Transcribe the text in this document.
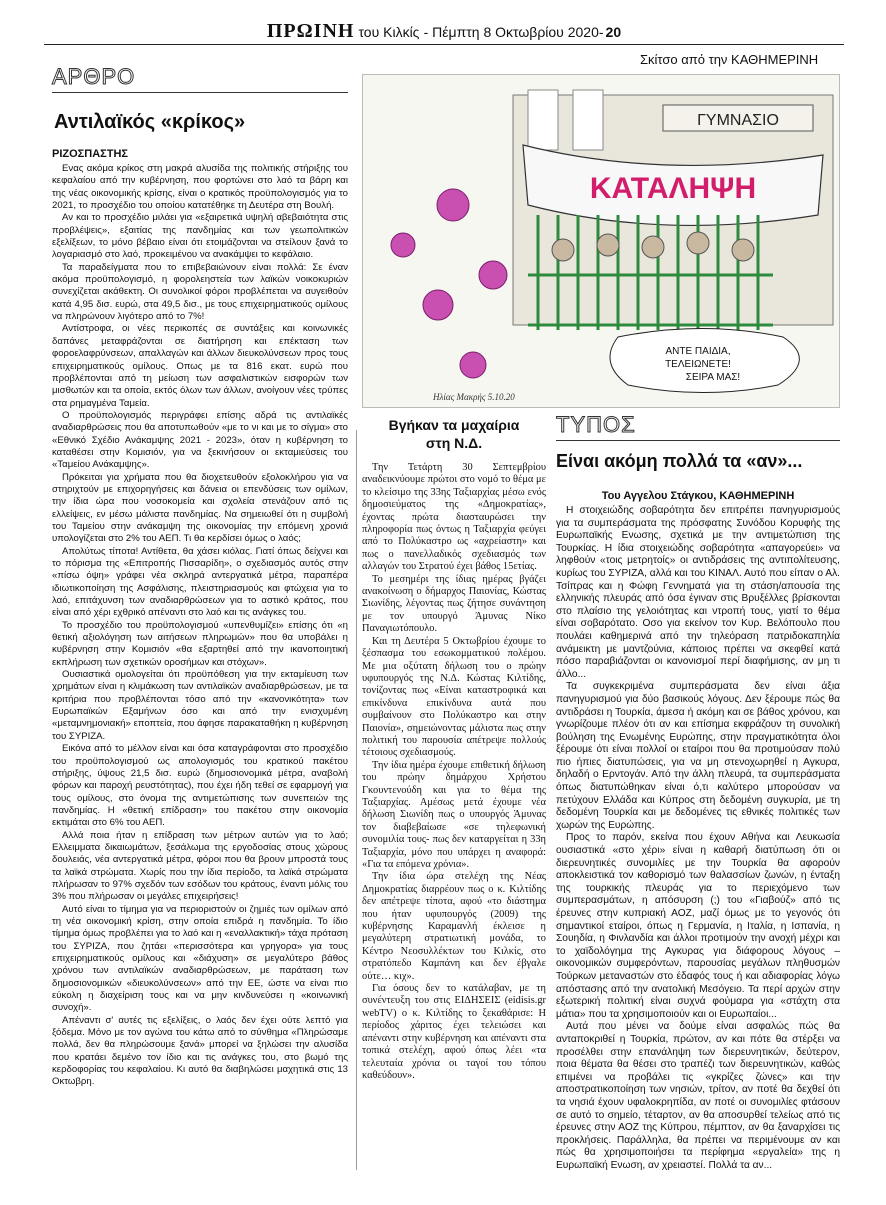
ΠΡΩΙΝΗ του Κιλκίς
- Πέμπτη 8 Οκτωβρίου 2020- 20
ΑΡΘΡΟ
Αντιλαϊκός «κρίκος»
ΡΙΖΟΣΠΑΣΤΗΣ

Ενας ακόμα κρίκος στη μακρά αλυσίδα της πολιτικής στήριξης του κεφαλαίου από την κυβέρνηση, που φορτώνει στο λαό τα βάρη και της νέας οικονομικής κρίσης, είναι ο κρατικός προϋπολογισμός για το 2021, το προσχέδιο του οποίου κατατέθηκε τη Δευτέρα στη Βουλή.

Αν και το προσχέδιο μιλάει για «εξαιρετικά υψηλή αβεβαιότητα στις προβλέψεις», εξαιτίας της πανδημίας και των γεωπολιτικών εξελίξεων, το μόνο βέβαιο είναι ότι ετοιμάζονται να στείλουν ξανά το λογαριασμό στο λαό, προκειμένου να ανακάμψει το κεφάλαιο.

Τα παραδείγματα που το επιβεβαιώνουν είναι πολλά: Σε έναν ακόμα προϋπολογισμό, η φορολεηστεία των λαϊκών νοικοκυριών συνεχίζεται ακάθεκτη. Οι συνολικοί φόροι προβλέπεται να αυγειθούν κατά 4,95 δισ. ευρώ, στα 49,5 δισ., με τους επιχειρηματικούς ομίλους να πληρώνουν λιγότερο από το 7%!

Αντίστροφα, οι νέες περικοπές σε συντάξεις και κοινωνικές δαπάνες μεταφράζονται σε διατήρηση και επέκταση των φοροελαφρύνσεων, απαλλαγών και άλλων διευκολύνσεων προς τους επιχειρηματικούς ομίλους. Οπως με τα 816 εκατ. ευρώ που προβλέπονται από τη μείωση των ασφαλιστικών εισφορών των μισθωτών και τα οποία, εκτός όλων των άλλων, ανοίγουν νέες τρύπες στα ρημαγμένα Ταμεία.

Ο προϋπολογισμός περιγράφει επίσης αδρά τις αντιλαϊκές αναδιαρθρώσεις που θα αποτυπωθούν «με το νι και με το σίγμα» στο «Εθνικό Σχέδιο Ανάκαμψης 2021 - 2023», όταν η κυβέρνηση το καταθέσει στην Κομισιόν, για να ξεκινήσουν οι εκταμιεύσεις του «Ταμείου Ανάκαμψης».

Πρόκειται για χρήματα που θα διοχετευθούν εξολοκλήρου για να στηριχτούν με επιχορηγήσεις και δάνεια οι επενδύσεις των ομίλων, την ίδια ώρα που νοσοκομεία και σχολεία στενάζουν από τις ελλείψεις, εν μέσω μάλιστα πανδημίας. Να σημειωθεί ότι η συμβολή του Ταμείου στην ανάκαμψη της οικονομίας την επόμενη χρονιά υπολογίζεται στο 2% του ΑΕΠ. Τι θα κερδίσει όμως ο λαός;

Απολύτως τίποτα! Αντίθετα, θα χάσει κιόλας. Γιατί όπως δείχνει και το πόρισμα της «Επιτροπής Πισσαρίδη», ο σχεδιασμός αυτός στην «πίσω όψη» γράφει νέα σκληρά αντεργατικά μέτρα, παραπέρα ιδιωτικοποίηση της Ασφάλισης, πλειστηριασμούς και φτώχεια για το λαό, επιτάχυνση των αναδιαρθρώσεων για το αστικό κράτος, που είναι από χέρι εχθρικό απέναντι στο λαό και τις ανάγκες του.

Το προσχέδιο του προϋπολογισμού «υπενθυμίζει» επίσης ότι «η θετική αξιολόγηση των αιτήσεων πληρωμών» που θα υποβάλει η κυβέρνηση στην Κομισιόν «θα εξαρτηθεί από την ικανοποιητική εκπλήρωση των σχετικών οροσήμων και στόχων».

Ουσιαστικά ομολογείται ότι προϋπόθεση για την εκταμίευση των χρημάτων είναι η κλιμάκωση των αντιλαϊκών αναδιαρθρώσεων, με τα κριτήρια που προβλέπονται τόσο από την «κανονικότητα» των Ευρωπαϊκών Εξαμήνων όσο και από την ενισχυμένη «μεταμνημονιακή» εποπτεία, που άφησε παρακαταθήκη η κυβέρνηση του ΣΥΡΙΖΑ.

Εικόνα από το μέλλον είναι και όσα καταγράφονται στο προσχέδιο του προϋπολογισμού ως απολογισμός του κρατικού πακέτου στήριξης, ύψους 21,5 δισ. ευρώ (δημοσιονομικά μέτρα, αναβολή φόρων και παροχή ρευστότητας), που έχει ήδη τεθεί σε εφαρμογή για τους ομίλους, στο όνομα της αντιμετώπισης των συνεπειών της πανδημίας. Η «θετική επίδραση» του πακέτου στην οικονομία εκτιμάται στο 6% του ΑΕΠ.

Αλλά ποια ήταν η επίδραση των μέτρων αυτών για το λαό; Ελλειμματα δικαιωμάτων, ξεσάλωμα της εργοδοσίας στους χώρους δουλειάς, νέα αντεργατικά μέτρα, φόροι που θα βρουν μπροστά τους τα λαϊκά στρώματα. Χωρίς που την ίδια περίοδο, τα λαϊκά στρώματα πλήρωσαν το 97% σχεδόν των εσόδων του κράτους, έναντι μόλις του 3% που πλήρωσαν οι μεγάλες επιχειρήσεις!

Αυτό είναι το τίμημα για να περιοριστούν οι ζημιές των ομίλων από τη νέα οικονομική κρίση, στην οποία επιδρά η πανδημία. Το ίδιο τίμημα όμως προβλέπει για το λαό και η «εναλλακτική» τάχα πρόταση του ΣΥΡΙΖΑ, που ζητάει «περισσότερα και γρηγορα» για τους επιχειρηματικούς ομίλους και «διάχυση» σε μεγαλύτερο βάθος χρόνου των αντιλαϊκών αναδιαρθρώσεων, με παράταση των δημοσιονομικών «διευκολύνσεων» από την ΕΕ, ώστε να είναι πιο εύκολη η διαχείριση τους και να μην κινδυνεύσει η «κοινωνική συνοχή».

Απέναντι σ' αυτές τις εξελίξεις, ο λαός δεν έχει ούτε λεπτό για ξόδεμα. Μόνο με τον αγώνα του κάτω από το σύνθημα «Πληρώσαμε πολλά, δεν θα πληρώσουμε ξανά» μπορεί να ξηλώσει την αλυσίδα που κρατάει δεμένο τον ίδιο και τις ανάγκες του, στο βωμό της κερδοφορίας του κεφαλαίου. Κι αυτό θα διαβηλώσει μαχητικά στις 13 Οκτωβρη.

Σκίτσο από την ΚΑΘΗΜΕΡΙΝΗ
ΓΥΜΝΑΣΙΟ
ΚΑΤΑΛΗΨΗ
ΑΝΤΕ ΠΑΙΔΙΑ,
ΤΕΛΕΙΩΝΕΤΕ!
ΣΕΙΡΑ ΜΑΣ!
Ηλίας Μακρής 5.10.20
Βγήκαν τα μαχαίρια
στη Ν.Δ.

Την Τετάρτη 30 Σεπτεμβρίου αναδεικνύουμε πρώτοι στο νομό το θέμα με το κλείσιμο της 33ης Ταξιαρχίας μέσω ενός δημοσιεύματος της «Δημοκρατίας», έχοντας πρώτα διασταυρώσει την πληροφορία πως όντως η Ταξιαρχία φεύγει από το Πολύκαστρο ως «αχρείαστη» και πως ο πανελλαδικός σχεδιασμός των αλλαγών του Στρατού έχει βάθος 15ετίας.

Το μεσημέρι της ίδιας ημέρας βγάζει ανακοίνωση ο δήμαρχος Παιονίας, Κώστας Σιωνίδης, λέγοντας πως ζήτησε συνάντηση με τον υπουργό Άμυνας Νίκο Παναγιωτόπουλο.

Και τη Δευτέρα 5 Οκτωβρίου έχουμε το ξέσπασμα του εσωκομματικού πολέμου. Με μια οξύτατη δήλωση του ο πρώην υφυπουργός της Ν.Δ. Κώστας Κιλτίδης, τονίζοντας πως «Είναι καταστροφικά και επικίνδυνα επικίνδυνα αυτά που συμβαίνουν στο Πολύκαστρο και στην Παιονία», σημειώνοντας μάλιστα πως στην πολιτική του παρουσία απέτρεψε πολλούς τέτοιους σχεδιασμούς.

Την ίδια ημέρα έχουμε επιθετική δήλωση του πρώην δημάρχου Χρήστου Γκουντενούδη και για το θέμα της Ταξιαρχίας. Αμέσως μετά έχουμε νέα δήλωση Σιωνίδη πως ο υπουργός Άμυνας τον διαβεβαίωσε «σε τηλεφωνική συνομιλία τους- πως δεν καταργείται η 33η Ταξιαρχία, μόνο που υπάρχει η αναφορά: «Για τα επόμενα χρόνια».

Την ίδια ώρα στελέχη της Νέας Δημοκρατίας διαρρέουν πως ο κ. Κιλτίδης δεν απέτρεψε τίποτα, αφού «το διάστημα που ήταν υφυπουργός (2009) της κυβέρνησης Καραμανλή έκλεισε η μεγαλύτερη στρατιωτική μονάδα, το Κέντρο Νεοσυλλέκτων του Κιλκίς, στο στρατόπεδο Καμπάνη και δεν έβγαλε ούτε… κιχ».

Για όσους δεν το κατάλαβαν, με τη συνέντευξη του στις ΕΙΔΗΣΕΙΣ (eidisis.gr webTV) ο κ. Κιλτίδης το ξεκαθάρισε: Η περίοδος χάριτος έχει τελειώσει και απέναντι στην κυβέρνηση και απέναντι στα τοπικά στελέχη, αφού όπως λέει «τα τελευταία χρόνια οι ταγοί του τόπου καθεύδουν».

ΤΥΠΟΣ
Είναι ακόμη πολλά τα «αν»...
Του Αγγελου Στάγκου, ΚΑΘΗΜΕΡΙΝΗ

Η στοιχειώδης σοβαρότητα δεν επιτρέπει πανηγυρισμούς για τα συμπεράσματα της πρόσφατης Συνόδου Κορυφής της Ευρωπαϊκής Ενωσης, σχετικά με την αντιμετώπιση της Τουρκίας. Η ίδια στοιχειώδης σοβαρότητα «απαγορεύει» να ληφθούν «τοις μετρητοίς» οι αντιδράσεις της αντιπολίτευσης, κυρίως του ΣΥΡΙΖΑ, αλλά και του ΚΙΝΑΛ. Αυτό που είπαν ο Αλ. Τσίπρας και η Φώφη Γεννηματά για τη στάση/απουσία της ελληνικής πλευράς από όσα έγιναν στις Βρυξέλλες βρίσκονται στο πλαίσιο της γελοιότητας και ντροπή τους, γιατί το θέμα είναι σοβαρότατο. Οσο για εκείνον τον Κυρ. Βελόπουλο που πουλάει καθημερινά από την τηλεόραση πατριδοκαπηλία ανάμεικτη με μαντζούνια, κάποιος πρέπει να σκεφθεί κατά πόσο παραβιάζονται οι κανονισμοί περί διαφήμισης, αν μη τι άλλο...

Τα συγκεκριμένα συμπεράσματα δεν είναι άξια πανηγυρισμού για δύο βασικούς λόγους. Δεν ξέρουμε πώς θα αντιδράσει η Τουρκία, άμεσα ή ακόμη και σε βάθος χρόνου, και γνωρίζουμε πλέον ότι αν και επίσημα εκφράζουν τη συνολική βούληση της Ενωμένης Ευρώπης, στην πραγματικότητα όλοι ξέρουμε ότι είναι πολλοί οι εταίροι που θα προτιμούσαν πολύ πιο ήπιες διατυπώσεις, για να μη στενοχωρηθεί η Αγκυρα, δηλαδή ο Ερντογάν. Από την άλλη πλευρά, τα συμπεράσματα όπως διατυπώθηκαν είναι ό,τι καλύτερο μπορούσαν να πετύχουν Ελλάδα και Κύπρος στη δεδομένη συγκυρία, με τη δεδομένη Τουρκία και με δεδομένες τις εθνικές πολιτικές των χωρών της Ευρώπης.

Προς το παρόν, εκείνα που έχουν Αθήνα και Λευκωσία ουσιαστικά «στο χέρι» είναι η καθαρή διατύπωση ότι οι διερευνητικές συνομιλίες με την Τουρκία θα αφορούν αποκλειστικά τον καθορισμό των θαλασσίων ζωνών, η ένταξη της τουρκικής πλευράς για το περιεχόμενο των συμπερασμάτων, η απόσυρση (;) του «Γιαβούζ» από τις έρευνες στην κυπριακή ΑΟΖ, μαζί όμως με το γεγονός ότι σημαντικοί εταίροι, όπως η Γερμανία, η Ιταλία, η Ισπανία, η Σουηδία, η Φινλανδία και άλλοι προτιμούν την ανοχή μέχρι και το χαϊδολόγημα της Αγκυρας για διάφορους λόγους – οικονομικών συμφερόντων, παρουσίας μεγάλων πληθυσμών Τούρκων μεταναστών στο έδαφός τους ή και αδιαφορίας λόγω απόστασης από την ανατολική Μεσόγειο. Τα περί αρχών στην εξωτερική πολιτική είναι συχνά φούμαρα για «στάχτη στα μάτια» που τα χρησιμοποιούν και οι Ευρωπαίοι...

Αυτά που μένει να δούμε είναι ασφαλώς πώς θα ανταποκριθεί η Τουρκία, πρώτον, αν και πότε θα στέρξει να προσέλθει στην επανάληψη των διερευνητικών, δεύτερον, ποια θέματα θα θέσει στο τραπέζι των διερευνητικών, καθώς επιμένει να προβάλει τις «γκρίζες ζώνες» και την αποστρατικοποίηση των νησιών, τρίτον, αν ποτέ θα δεχθεί ότι τα νησιά έχουν υφαλοκρηπίδα, αν ποτέ οι συνομιλίες φτάσουν σε αυτό το σημείο, τέταρτον, αν θα αποσυρθεί τελείως από τις έρευνες στην ΑΟΖ της Κύπρου, πέμπτον, αν θα ξαναρχίσει τις προκλήσεις. Παράλληλα, θα πρέπει να περιμένουμε αν και πώς θα χρησιμοποιήσει τα περίφημα «εργαλεία» της η Ευρωπαϊκή Ενωση, αν χρειαστεί. Πολλά τα αν...
